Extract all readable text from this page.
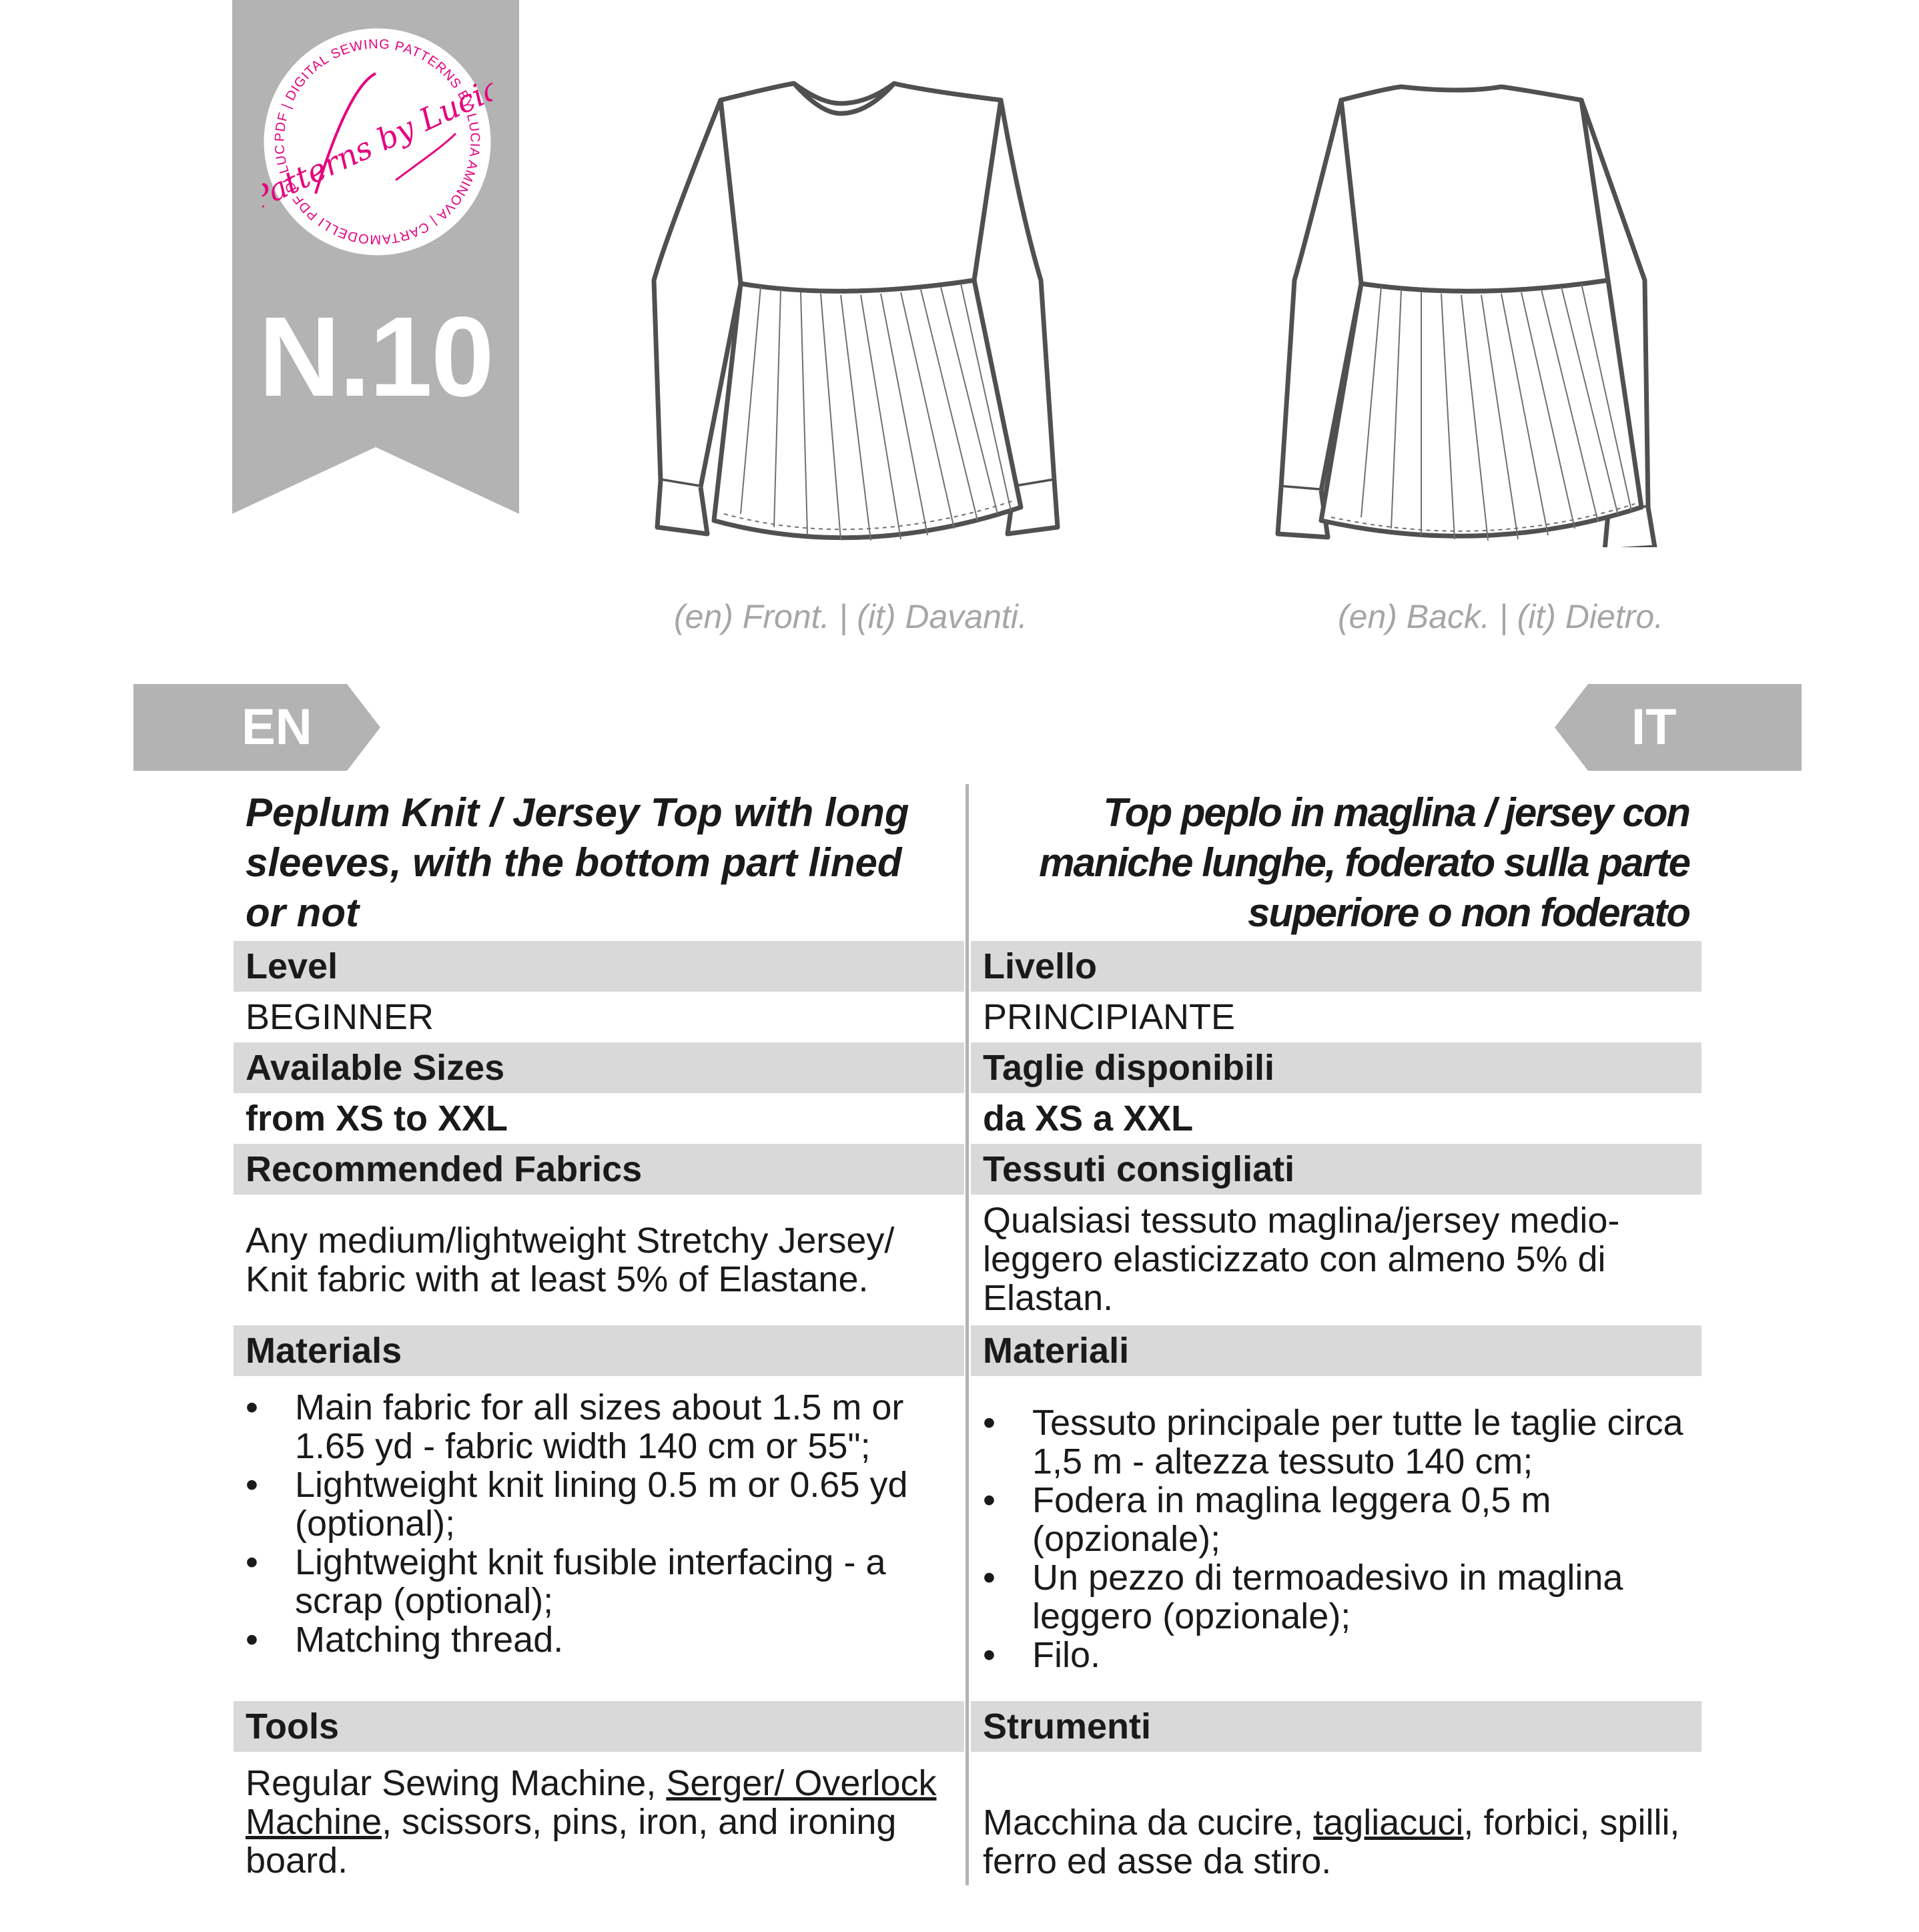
PDF | DIGITAL SEWING PATTERNS BY LUCIA AMINOVA | CARTAMODELLI PDF DI LUC
Patterns by Lucia
N.10
(en) Front. | (it) Davanti.	(en) Back. | (it) Dietro.
EN	IT
Peplum Knit / Jersey Top with long sleeves, with the bottom part lined or not
Level
BEGINNER
Available Sizes
from XS to XXL
Recommended Fabrics
Any medium/lightweight Stretchy Jersey/ Knit fabric with at least 5% of Elastane.
Materials
• Main fabric for all sizes about 1.5 m or 1.65 yd - fabric width 140 cm or 55";
• Lightweight knit lining 0.5 m or 0.65 yd (optional);
• Lightweight knit fusible interfacing - a scrap (optional);
• Matching thread.
Tools
Regular Sewing Machine, Serger/ Overlock Machine, scissors, pins, iron, and ironing board.
Top peplo in maglina / jersey con maniche lunghe, foderato sulla parte superiore o non foderato
Livello
PRINCIPIANTE
Taglie disponibili
da XS a XXL
Tessuti consigliati
Qualsiasi tessuto maglina/jersey medio-leggero elasticizzato con almeno 5% di Elastan.
Materiali
• Tessuto principale per tutte le taglie circa 1,5 m - altezza tessuto 140 cm;
• Fodera in maglina leggera 0,5 m (opzionale);
• Un pezzo di termoadesivo in maglina leggero (opzionale);
• Filo.
Strumenti
Macchina da cucire, tagliacuci, forbici, spilli, ferro ed asse da stiro.
